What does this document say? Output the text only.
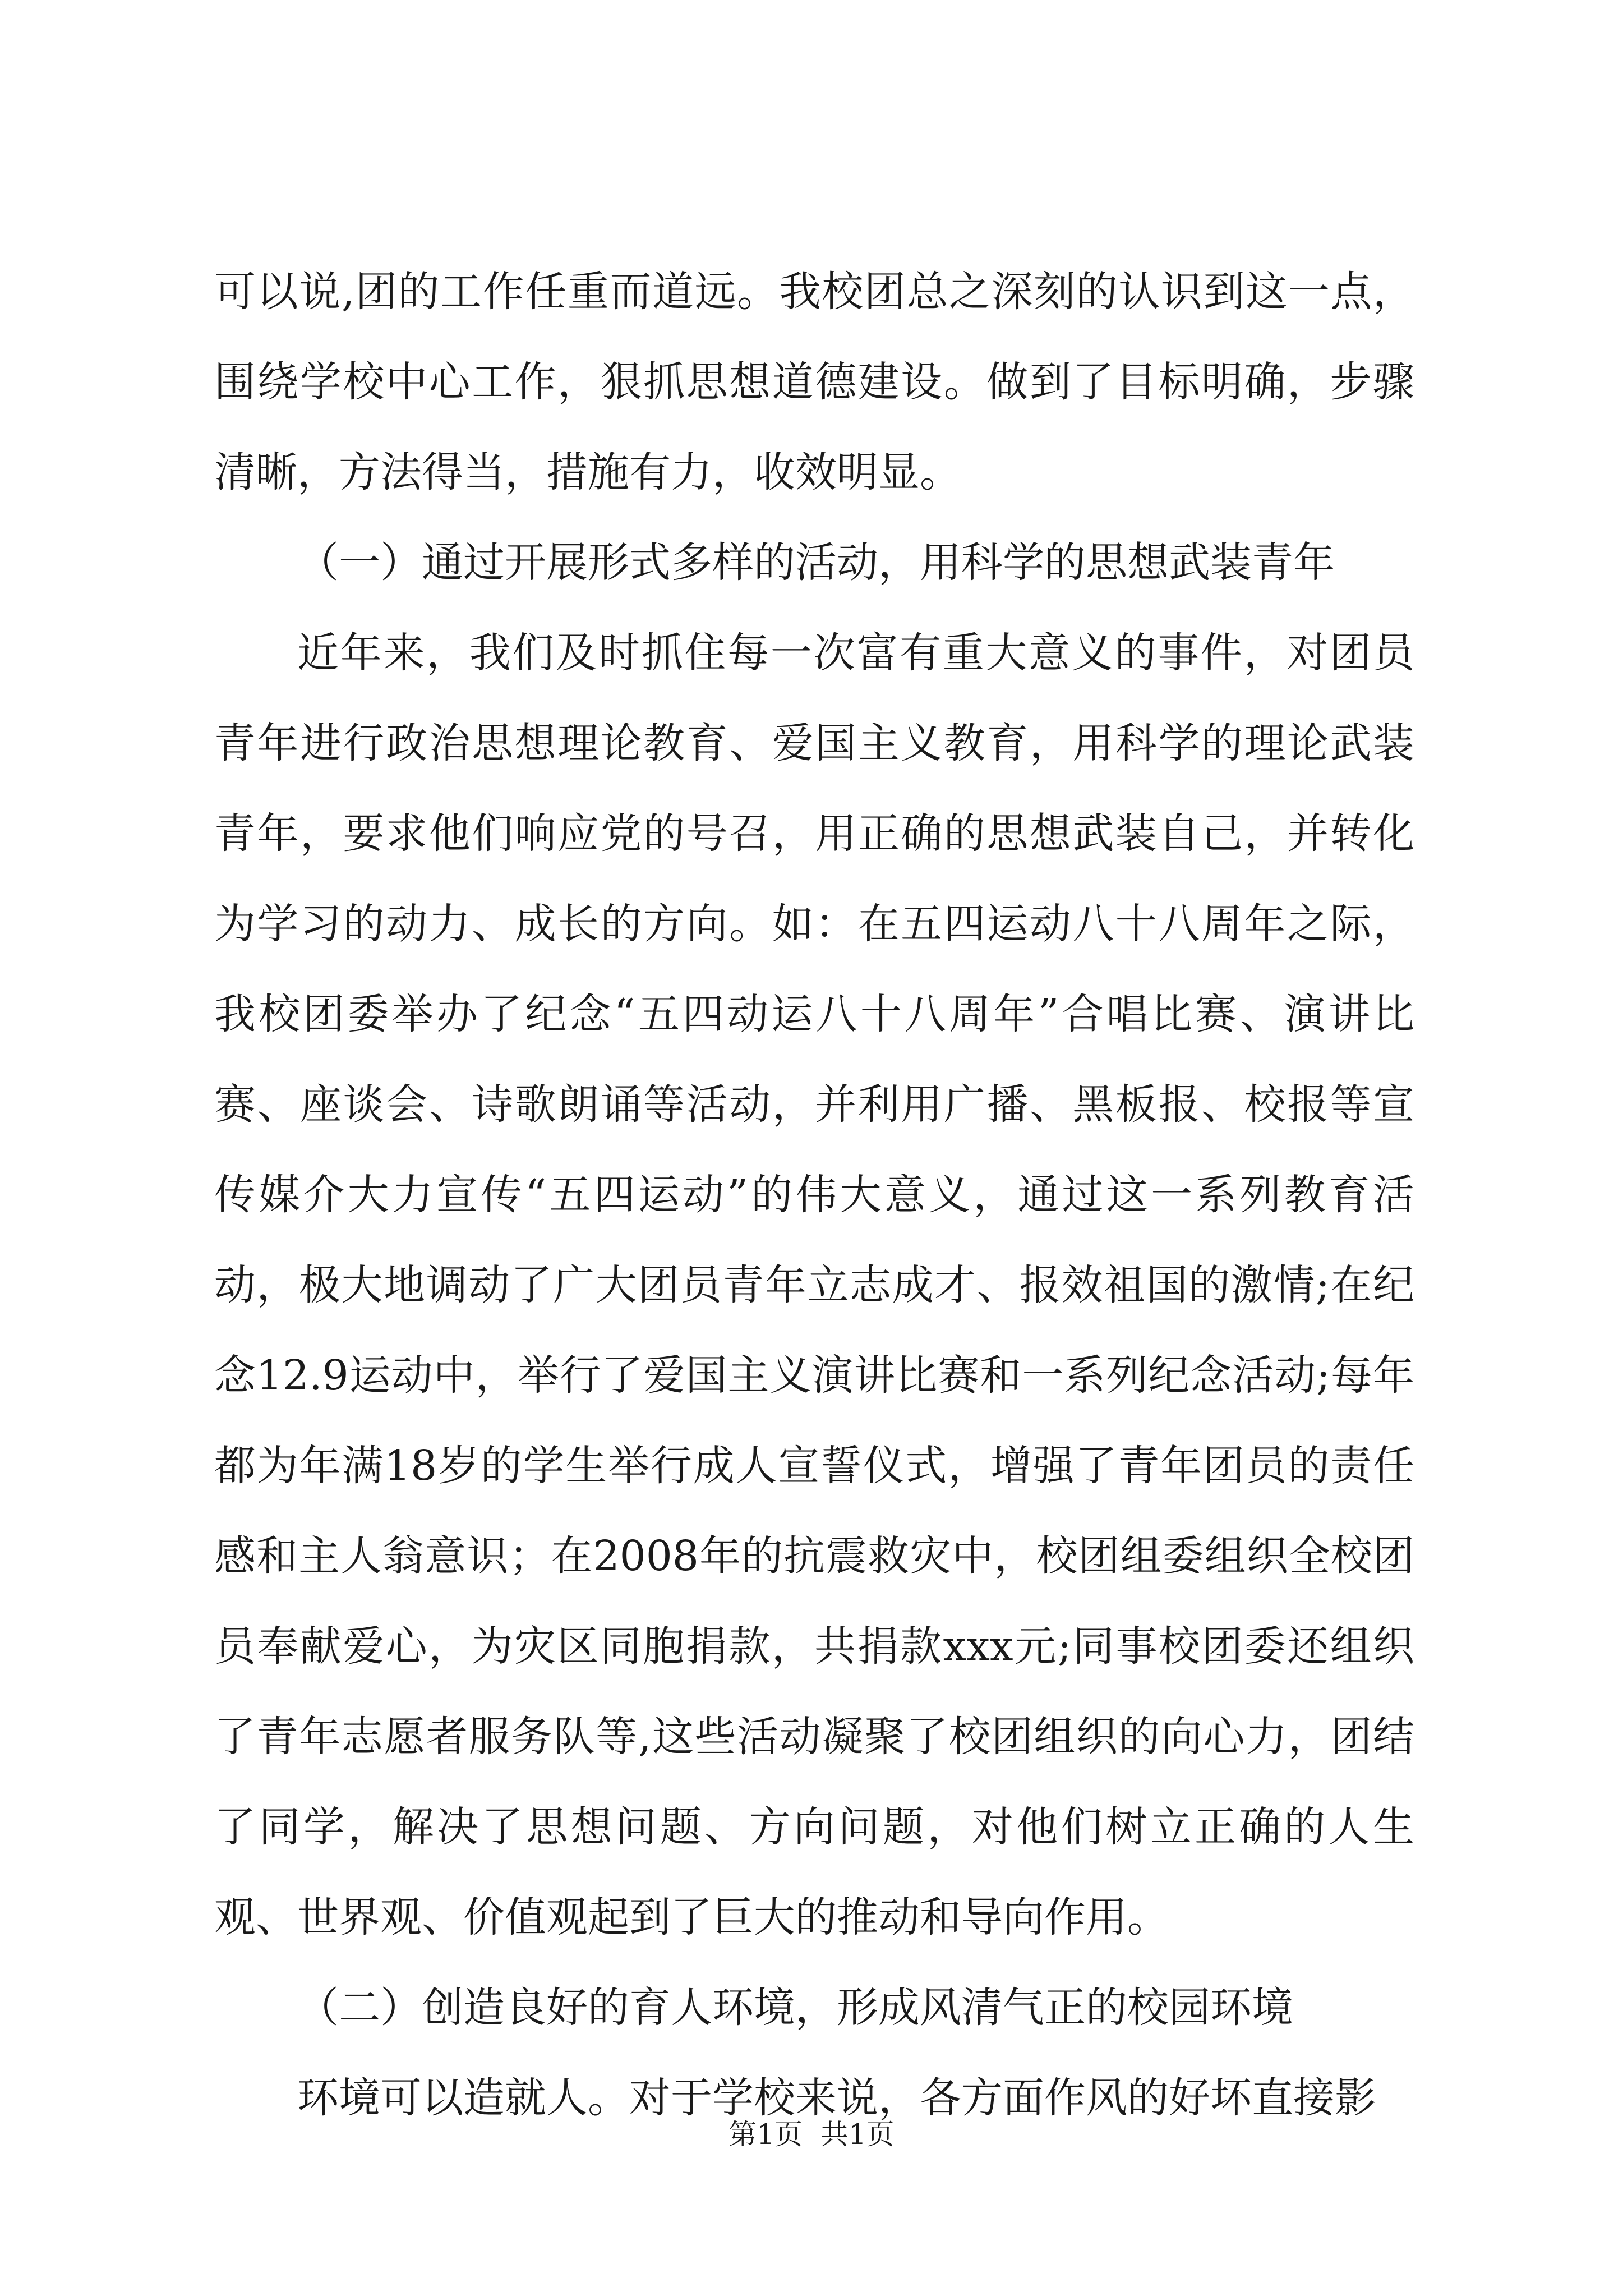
可以说,团的工作任重而道远。我校团总之深刻的认识到这一点，围绕学校中心工作，狠抓思想道德建设。做到了目标明确，步骤清晰，方法得当，措施有力，收效明显。

（一）通过开展形式多样的活动，用科学的思想武装青年

近年来，我们及时抓住每一次富有重大意义的事件，对团员青年进行政治思想理论教育、爱国主义教育，用科学的理论武装青年，要求他们响应党的号召，用正确的思想武装自己，并转化为学习的动力、成长的方向。如：在五四运动八十八周年之际，我校团委举办了纪念“五四动运八十八周年”合唱比赛、演讲比赛、座谈会、诗歌朗诵等活动，并利用广播、黑板报、校报等宣传媒介大力宣传“五四运动”的伟大意义，通过这一系列教育活动，极大地调动了广大团员青年立志成才、报效祖国的激情;在纪念12.9运动中，举行了爱国主义演讲比赛和一系列纪念活动;每年都为年满18岁的学生举行成人宣誓仪式，增强了青年团员的责任感和主人翁意识；在2008年的抗震救灾中，校团组委组织全校团员奉献爱心，为灾区同胞捐款，共捐款xxx元;同事校团委还组织了青年志愿者服务队等,这些活动凝聚了校团组织的向心力，团结了同学，解决了思想问题、方向问题，对他们树立正确的人生观、世界观、价值观起到了巨大的推动和导向作用。

（二）创造良好的育人环境，形成风清气正的校园环境

环境可以造就人。对于学校来说，各方面作风的好坏直接影

第1页  共1页
